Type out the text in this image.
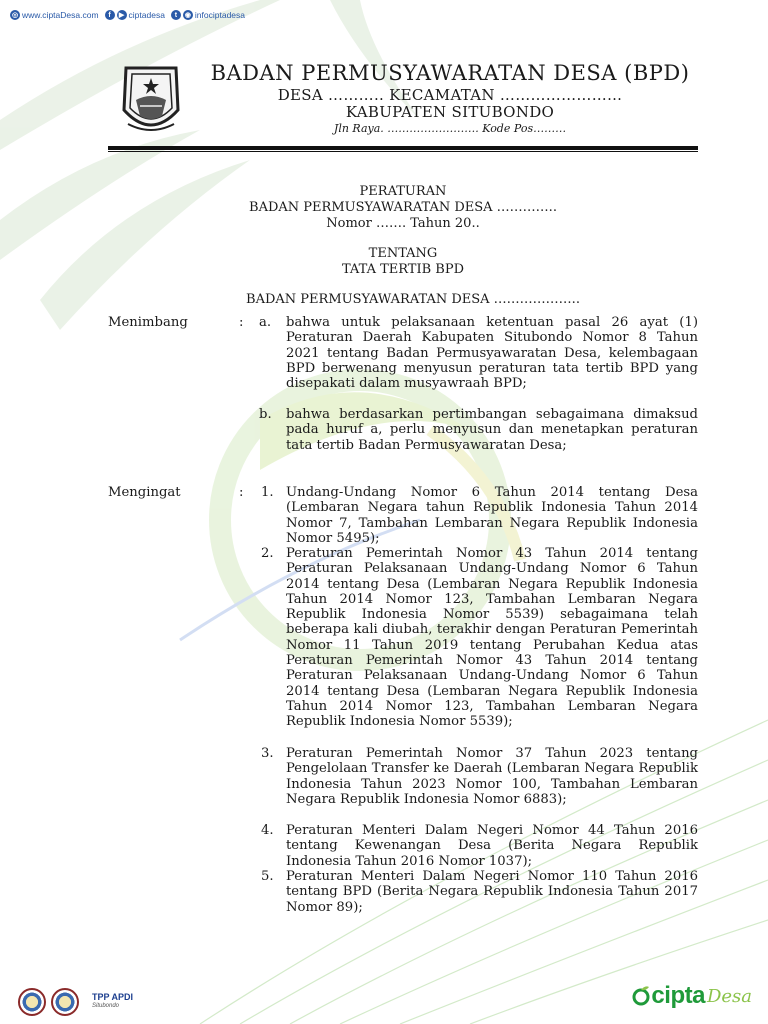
◎ www.ciptaDesa.com	f	▶ ciptadesa	t	◉ infociptadesa
BADAN PERMUSYAWARATAN DESA (BPD)
DESA ……….. KECAMATAN ……………………
KABUPATEN SITUBONDO
Jln Raya. ……………………. Kode Pos………
PERATURAN
BADAN PERMUSYAWARATAN DESA …………..
Nomor ……. Tahun 20..
TENTANG
TATA TERTIB BPD
BADAN PERMUSYAWARATAN DESA ………………..
Menimbang	: a. bahwa untuk pelaksanaan ketentuan pasal 26 ayat (1) Peraturan Daerah Kabupaten Situbondo Nomor 8 Tahun 2021 tentang Badan Permusyawaratan Desa, kelembagaan BPD berwenang menyusun peraturan tata tertib BPD yang disepakati dalam musyawraah BPD;
b. bahwa berdasarkan pertimbangan sebagaimana dimaksud pada huruf a, perlu menyusun dan menetapkan peraturan tata tertib Badan Permusyawaratan Desa;
Mengingat	: 1. Undang-Undang Nomor 6 Tahun 2014 tentang Desa (Lembaran Negara tahun Republik Indonesia Tahun 2014 Nomor 7, Tambahan Lembaran Negara Republik Indonesia Nomor 5495);
2. Peraturan Pemerintah Nomor 43 Tahun 2014 tentang Peraturan Pelaksanaan Undang-Undang Nomor 6 Tahun 2014 tentang Desa (Lembaran Negara Republik Indonesia Tahun 2014 Nomor 123, Tambahan Lembaran Negara Republik Indonesia Nomor 5539) sebagaimana telah beberapa kali diubah, terakhir dengan Peraturan Pemerintah Nomor 11 Tahun 2019 tentang Perubahan Kedua atas Peraturan Pemerintah Nomor 43 Tahun 2014 tentang Peraturan Pelaksanaan Undang-Undang Nomor 6 Tahun 2014 tentang Desa (Lembaran Negara Republik Indonesia Tahun 2014 Nomor 123, Tambahan Lembaran Negara Republik Indonesia Nomor 5539);
3. Peraturan Pemerintah Nomor 37 Tahun 2023 tentang Pengelolaan Transfer ke Daerah (Lembaran Negara Republik Indonesia Tahun 2023 Nomor 100, Tambahan Lembaran Negara Republik Indonesia Nomor 6883);
4. Peraturan Menteri Dalam Negeri Nomor 44 Tahun 2016 tentang Kewenangan Desa (Berita Negara Republik Indonesia Tahun 2016 Nomor 1037);
5. Peraturan Menteri Dalam Negeri Nomor 110 Tahun 2016 tentang BPD (Berita Negara Republik Indonesia Tahun 2017 Nomor 89);
TPP APDI
Situbondo	cipta Desa
